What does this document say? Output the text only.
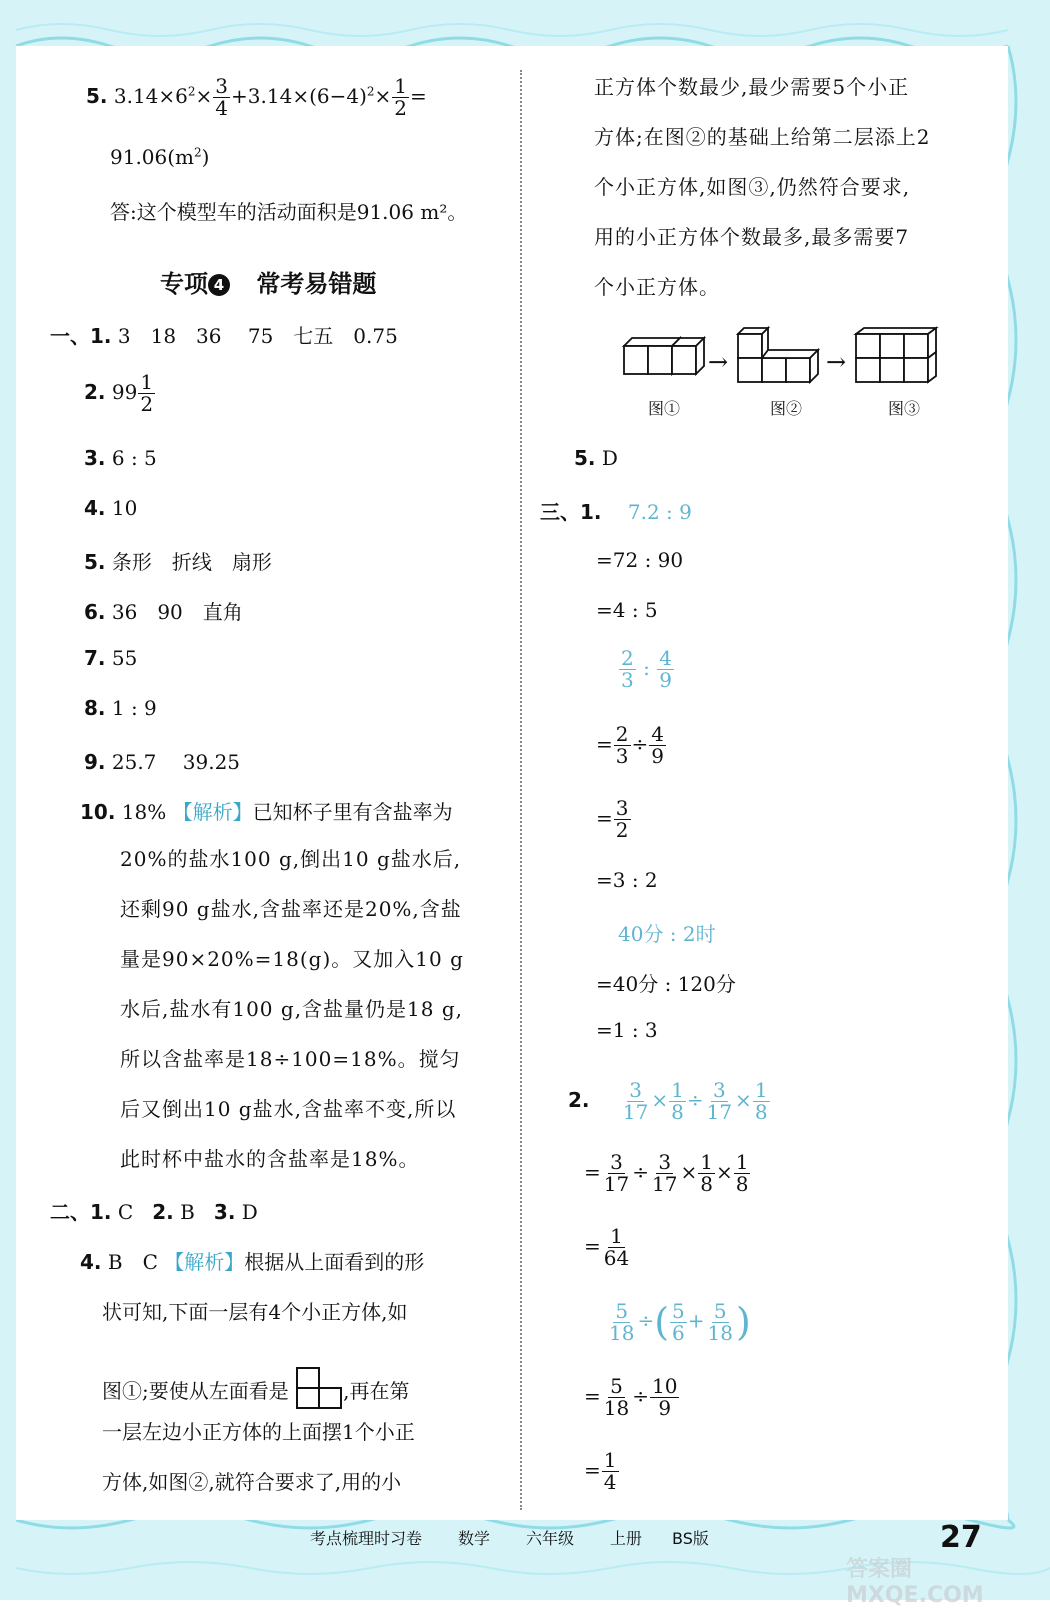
5. $3.14\times 6^2\times \frac{3}{4} +3.14\times(6-4)^2\times \frac{1}{2}$ =
$91.06(m^2)$
答:这个模型车的活动面积是91.06 m²。
专项 4 常考易错题
一、1. 3　18　36　 75　七五　0.75
2. $99 \frac{1}{2}$
3. 6 : 5
4. 10
5. 条形　折线　扇形
6. 36　90　直角
7. 55
8. 1 : 9
9. 25.7　 39.25
10. 18% 【解析】已知杯子里有含盐率为
20%的盐水100 g,倒出10 g盐水后,
还剩90 g盐水,含盐率还是20%,含盐
量是90×20%=18(g)。又加入10 g
水后,盐水有100 g,含盐量仍是18 g,
所以含盐率是18÷100=18%。搅匀
后又倒出10 g盐水,含盐率不变,所以
此时杯中盐水的含盐率是18%。
二、1. C 2. B 3. D
4. B　C 【解析】根据从上面看到的形
状可知,下面一层有4个小正方体,如
图①;要使从左面看是	,再在第
一层左边小正方体的上面摆1个小正
方体,如图②,就符合要求了,用的小
正方体个数最少,最少需要5个小正
方体;在图②的基础上给第二层添上2
个小正方体,如图③,仍然符合要求,
用的小正方体个数最多,最多需要7
个小正方体。
→	→
图①	图②	图③
5. D
三、1. 7.2 : 9
=72 : 90
=4 : 5
$\frac{2}{3}$ : $\frac{4}{9}$
= $\frac{2}{3} \div \frac{4}{9}$
= $\frac{3}{2}$
=3 : 2
40分 : 2时
=40分 : 120分
=1 : 3
2. $\frac{3}{17} \times \frac{1}{8} \div \frac{3}{17} \times \frac{1}{8}$
= $\frac{3}{17} \div \frac{3}{17} \times \frac{1}{8} \times \frac{1}{8}$
= $\frac{1}{64}$
$\frac{5}{18}$ ÷( $\frac{5}{6} + \frac{5}{18}$ )
= $\frac{5}{18} \div \frac{10}{9}$
= $\frac{1}{4}$
考点梳理时习卷 数学 六年级 上册 BS版	27
答案圈 MXQE.COM
